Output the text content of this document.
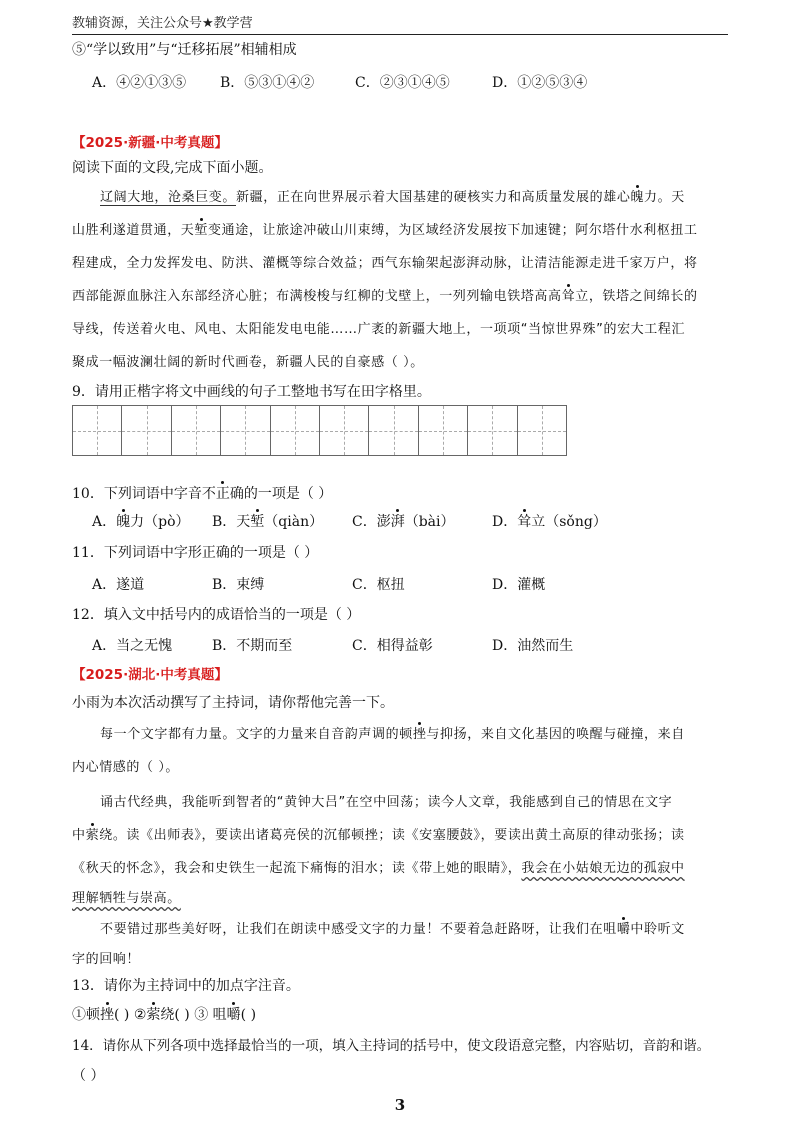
教辅资源，关注公众号★教学营
⑤“学以致用”与“迁移拓展”相辅相成
A．④②①③⑤ B．⑤③①④②	C．②③①④⑤	D．①②⑤③④
【2025·新疆·中考真题】
阅读下面的文段,完成下面小题。
辽阔大地，沧桑巨变。新疆，正在向世界展示着大国基建的硬核实力和高质量发展的雄心魄力。天
山胜利遂道贯通，天堑变通途，让旅途冲破山川束缚，为区域经济发展按下加速键；阿尔塔什水利枢扭工
程建成，全力发挥发电、防洪、灌概等综合效益；西气东输架起澎湃动脉，让清洁能源走进千家万户，将
西部能源血脉注入东部经济心脏；布满梭梭与红柳的戈壁上，一列列输电铁塔高高耸立，铁塔之间绵长的
导线，传送着火电、风电、太阳能发电电能……广袤的新疆大地上，一项项“当惊世界殊”的宏大工程汇
聚成一幅波澜壮阔的新时代画卷，新疆人民的自豪感（ ）。
9．请用正楷字将文中画线的句子工整地书写在田字格里。
10．下列词语中字音不正确的一项是（ ）
A．魄力（pò） B．天堑（qiàn） C．澎湃（bài）	D．耸立（sǒng）
11．下列词语中字形正确的一项是（ ）
A．遂道	B．束缚	C．枢扭	D．灌概
12．填入文中括号内的成语恰当的一项是（ ）
A．当之无愧	B．不期而至	C．相得益彰	D．油然而生
【2025·湖北·中考真题】
小雨为本次活动撰写了主持词，请你帮他完善一下。
每一个文字都有力量。文字的力量来自音韵声调的顿挫与抑扬，来自文化基因的唤醒与碰撞，来自
内心情感的（ ）。
诵古代经典，我能听到智者的“黄钟大吕”在空中回荡；读今人文章，我能感到自己的情思在文字
中萦绕。读《出师表》，要读出诸葛亮侯的沉郁顿挫；读《安塞腰鼓》，要读出黄土高原的律动张扬；读
《秋天的怀念》，我会和史铁生一起流下痛悔的泪水；读《带上她的眼睛》，我会在小姑娘无边的孤寂中
理解牺牲与崇高。
不要错过那些美好呀，让我们在朗读中感受文字的力量！不要着急赶路呀，让我们在咀嚼中聆听文
字的回响！
13．请你为主持词中的加点字注音。
①顿挫( ) ②萦绕( ) ③ 咀嚼( )
14．请你从下列各项中选择最恰当的一项，填入主持词的括号中，使文段语意完整，内容贴切，音韵和谐。
（ ）
3
